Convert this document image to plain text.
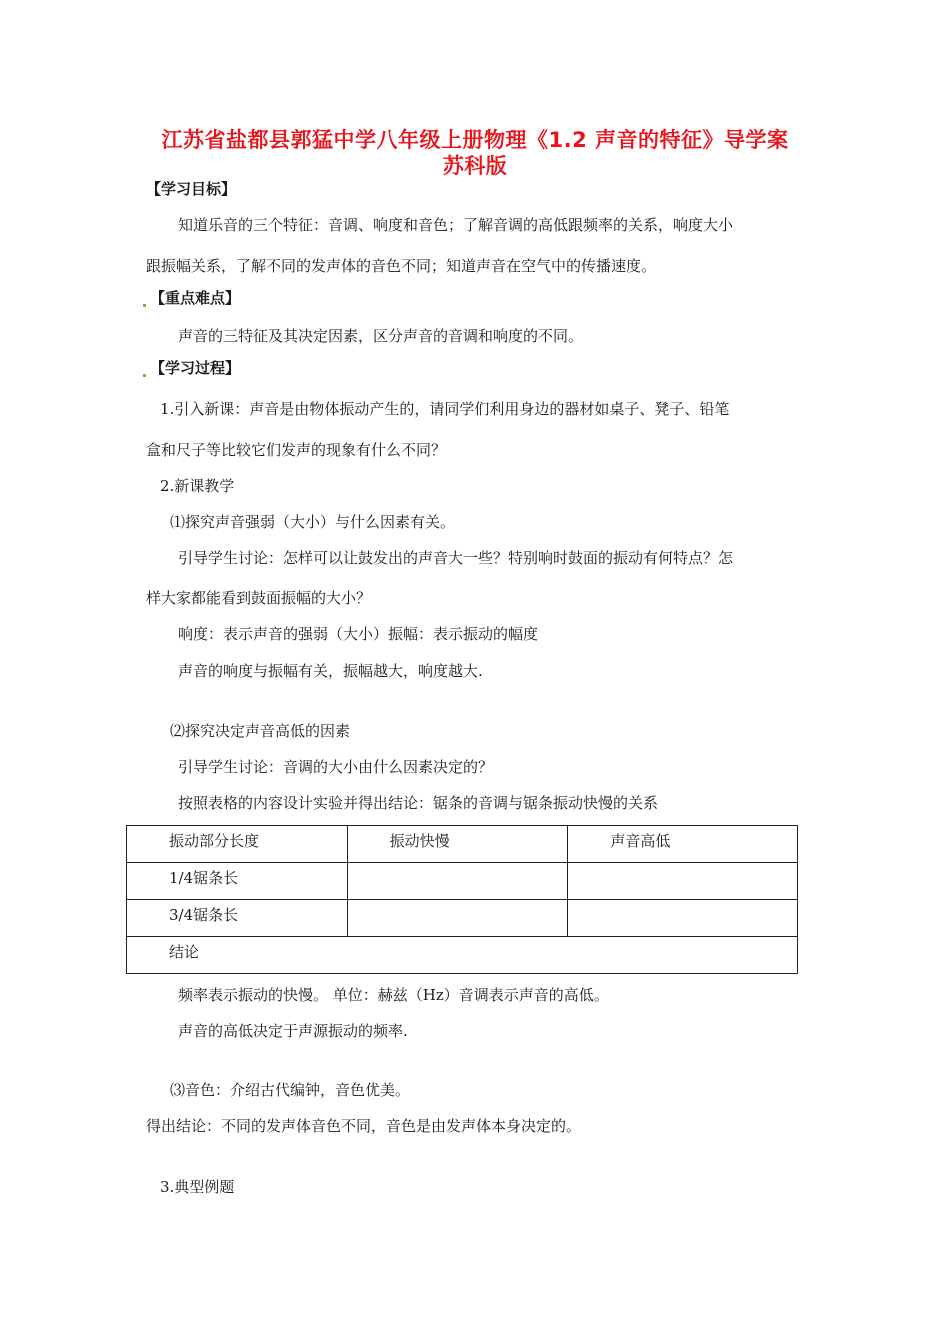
江苏省盐都县郭猛中学八年级上册物理《1.2 声音的特征》导学案
苏科版
【学习目标】
知道乐音的三个特征：音调、响度和音色；了解音调的高低跟频率的关系，响度大小
跟振幅关系，了解不同的发声体的音色不同；知道声音在空气中的传播速度。
【重点难点】
声音的三特征及其决定因素，区分声音的音调和响度的不同。
【学习过程】
1.引入新课：声音是由物体振动产生的，请同学们利用身边的器材如桌子、凳子、铅笔
盒和尺子等比较它们发声的现象有什么不同？
2.新课教学
⑴探究声音强弱（大小）与什么因素有关。
引导学生讨论：怎样可以让鼓发出的声音大一些？特别响时鼓面的振动有何特点？怎
样大家都能看到鼓面振幅的大小？
响度：表示声音的强弱（大小）振幅：表示振动的幅度
声音的响度与振幅有关，振幅越大，响度越大.
⑵探究决定声音高低的因素
引导学生讨论：音调的大小由什么因素决定的？
按照表格的内容设计实验并得出结论：锯条的音调与锯条振动快慢的关系
振动部分长度	振动快慢	声音高低
1/4锯条长		
3/4锯条长		
结论		
频率表示振动的快慢。 单位：赫兹（Hz）音调表示声音的高低。
声音的高低决定于声源振动的频率.
⑶音色：介绍古代编钟，音色优美。
得出结论：不同的发声体音色不同，音色是由发声体本身决定的。
3.典型例题
